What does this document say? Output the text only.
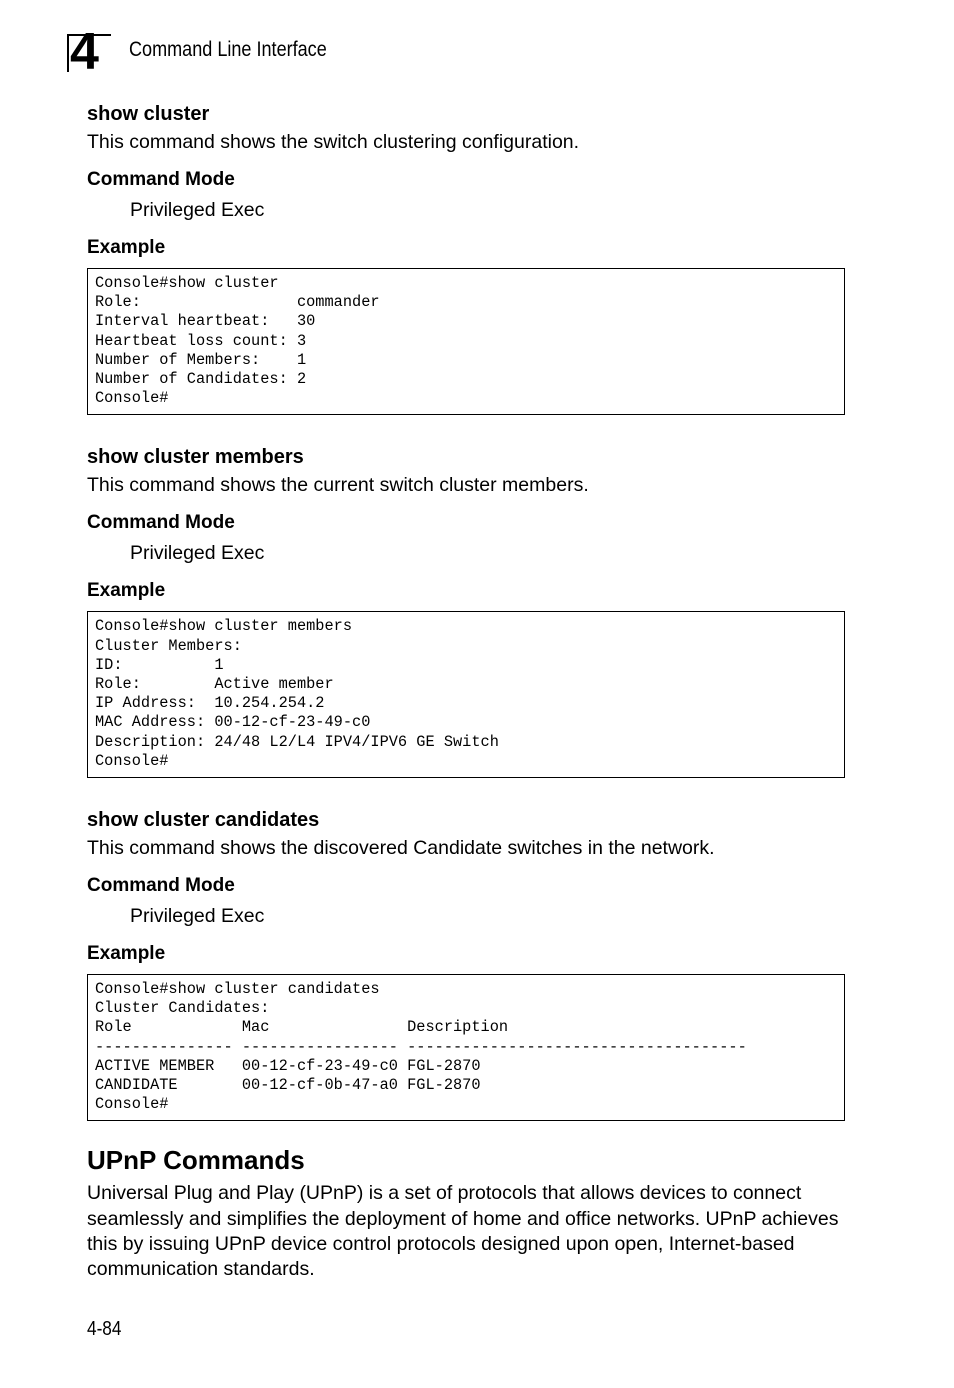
4 Command Line Interface
show cluster

This command shows the switch clustering configuration.

Command Mode

Privileged Exec

Example
Console#show cluster
Role:                 commander
Interval heartbeat:   30
Heartbeat loss count: 3
Number of Members:    1
Number of Candidates: 2
Console#
show cluster members

This command shows the current switch cluster members.

Command Mode

Privileged Exec

Example
Console#show cluster members
Cluster Members:
ID:          1
Role:        Active member
IP Address:  10.254.254.2
MAC Address: 00-12-cf-23-49-c0
Description: 24/48 L2/L4 IPV4/IPV6 GE Switch
Console#
show cluster candidates

This command shows the discovered Candidate switches in the network.

Command Mode

Privileged Exec

Example
Console#show cluster candidates
Cluster Candidates:
Role            Mac               Description
--------------- ----------------- -------------------------------------
ACTIVE MEMBER   00-12-cf-23-49-c0 FGL-2870
CANDIDATE       00-12-cf-0b-47-a0 FGL-2870
Console#
UPnP Commands

Universal Plug and Play (UPnP) is a set of protocols that allows devices to connect seamlessly and simplifies the deployment of home and office networks. UPnP achieves this by issuing UPnP device control protocols designed upon open, Internet-based communication standards.

4-84
